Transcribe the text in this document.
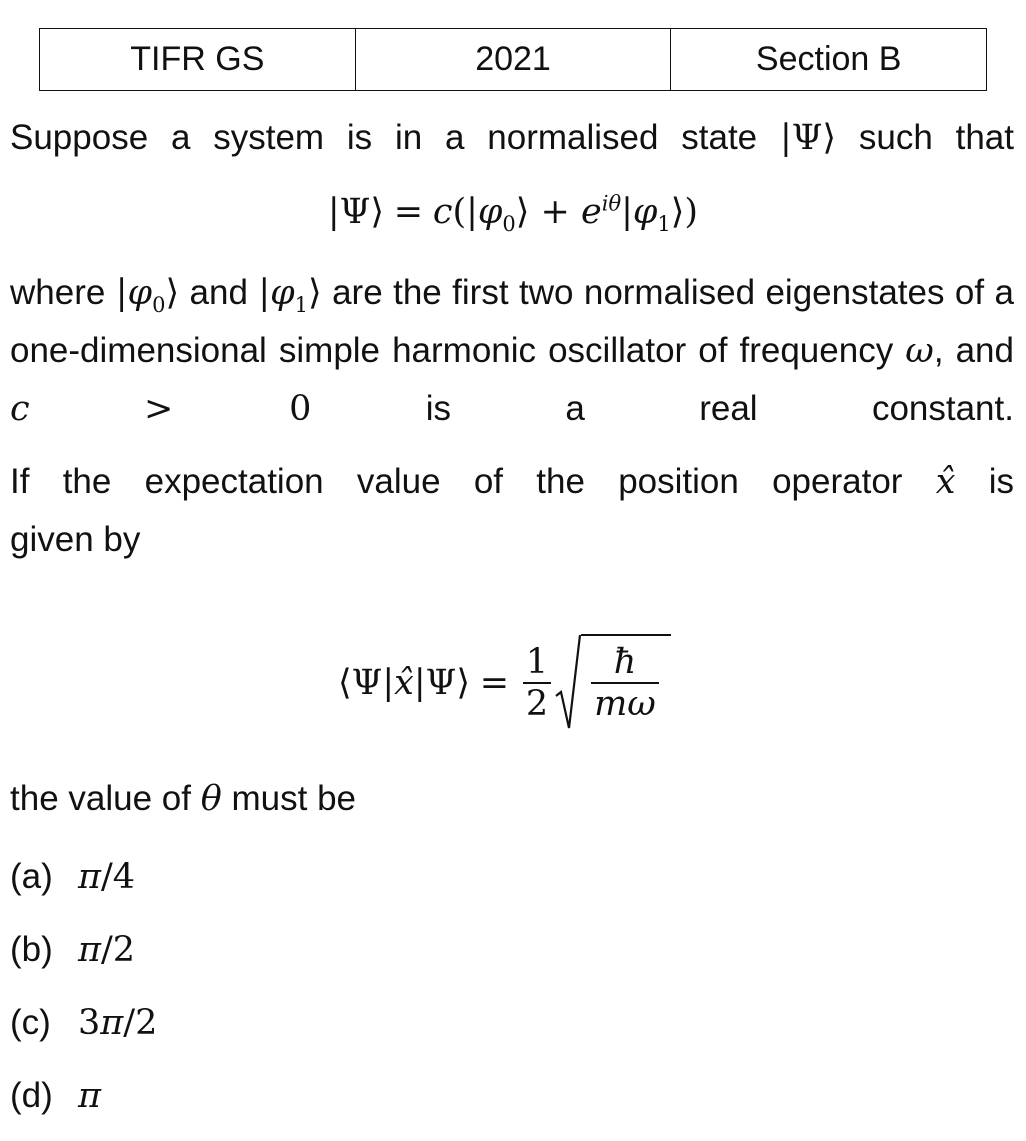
TIFR GS	2021	Section B

Suppose a system is in a normalised state |Ψ⟩ such that

|Ψ⟩ = $c(|\varphi_0⟩$ + $e^{i\theta}|\varphi_1⟩$)

where $|\varphi_0⟩$ and $|\varphi_1⟩$ are the first two normalised eigenstates of a one-dimensional simple harmonic oscillator of frequency ω, and c	> 0 is a real constant.

If the expectation value of the position operator x̂ is

given by

⟨Ψ| x̂ |Ψ⟩
=
$\frac{1}{2} \frac{ħ}{m\omega}$

the value of θ must be

(a) π/4
(b) π/2
(c) 3π/2
(d) π
